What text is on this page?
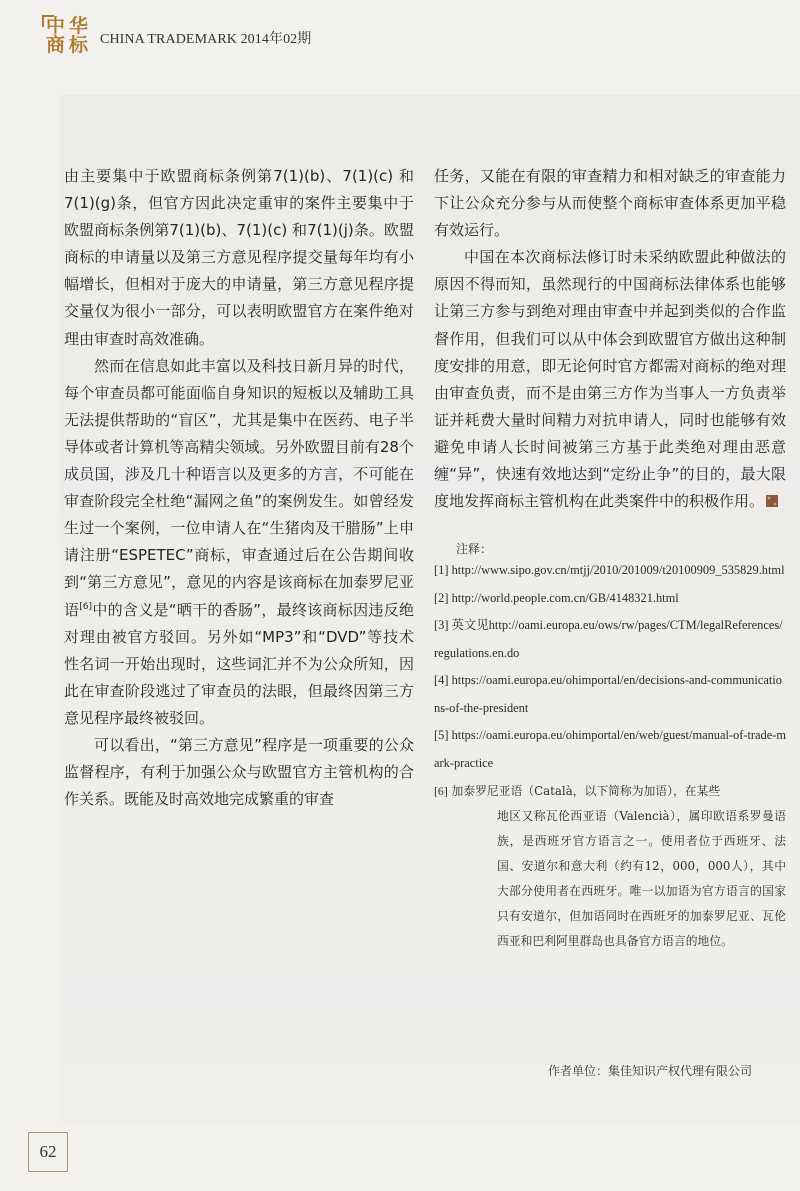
中 华
商 标 CHINA TRADEMARK 2014年02期

由主要集中于欧盟商标条例第7(1)(b)、7(1)(c) 和7(1)(g)条，但官方因此决定重审的案件主要集中于欧盟商标条例第7(1)(b)、7(1)(c) 和7(1)(j)条。欧盟商标的申请量以及第三方意见程序提交量每年均有小幅增长，但相对于庞大的申请量，第三方意见程序提交量仅为很小一部分，可以表明欧盟官方在案件绝对理由审查时高效准确。

然而在信息如此丰富以及科技日新月异的时代，每个审查员都可能面临自身知识的短板以及辅助工具无法提供帮助的“盲区”，尤其是集中在医药、电子半导体或者计算机等高精尖领域。另外欧盟目前有28个成员国，涉及几十种语言以及更多的方言，不可能在审查阶段完全杜绝“漏网之鱼”的案例发生。如曾经发生过一个案例，一位申请人在“生猪肉及干腊肠”上申请注册“ESPETEC”商标，审查通过后在公告期间收到“第三方意见”，意见的内容是该商标在加泰罗尼亚语[6]中的含义是“晒干的香肠”，最终该商标因违反绝对理由被官方驳回。另外如“MP3”和“DVD”等技术性名词一开始出现时，这些词汇并不为公众所知，因此在审查阶段逃过了审查员的法眼，但最终因第三方意见程序最终被驳回。

可以看出，“第三方意见”程序是一项重要的公众监督程序，有利于加强公众与欧盟官方主管机构的合作关系。既能及时高效地完成繁重的审查

任务，又能在有限的审查精力和相对缺乏的审查能力下让公众充分参与从而使整个商标审查体系更加平稳有效运行。

中国在本次商标法修订时未采纳欧盟此种做法的原因不得而知，虽然现行的中国商标法律体系也能够让第三方参与到绝对理由审查中并起到类似的合作监督作用，但我们可以从中体会到欧盟官方做出这种制度安排的用意，即无论何时官方都需对商标的绝对理由审查负责，而不是由第三方作为当事人一方负责举证并耗费大量时间精力对抗申请人，同时也能够有效避免申请人长时间被第三方基于此类绝对理由恶意缠“异”，快速有效地达到“定纷止争”的目的，最大限度地发挥商标主管机构在此类案件中的积极作用。

注释：
[1] http://www.sipo.gov.cn/mtjj/2010/201009/t20100909_535829.html
[2] http://world.people.com.cn/GB/4148321.html
[3] 英文见http://oami.europa.eu/ows/rw/pages/CTM/legalReferences/regulations.en.do
[4] https://oami.europa.eu/ohimportal/en/decisions-and-communications-of-the-president
[5] https://oami.europa.eu/ohimportal/en/web/guest/manual-of-trade-mark-practice
[6] 加泰罗尼亚语（Català，以下简称为加语），在某些
地区又称瓦伦西亚语（Valencià），属印欧语系罗曼语族，是西班牙官方语言之一。使用者位于西班牙、法国、安道尔和意大利（约有12，000，000人），其中大部分使用者在西班牙。唯一以加语为官方语言的国家只有安道尔，但加语同时在西班牙的加泰罗尼亚、瓦伦西亚和巴利阿里群岛也具备官方语言的地位。
作者单位：集佳知识产权代理有限公司
62
